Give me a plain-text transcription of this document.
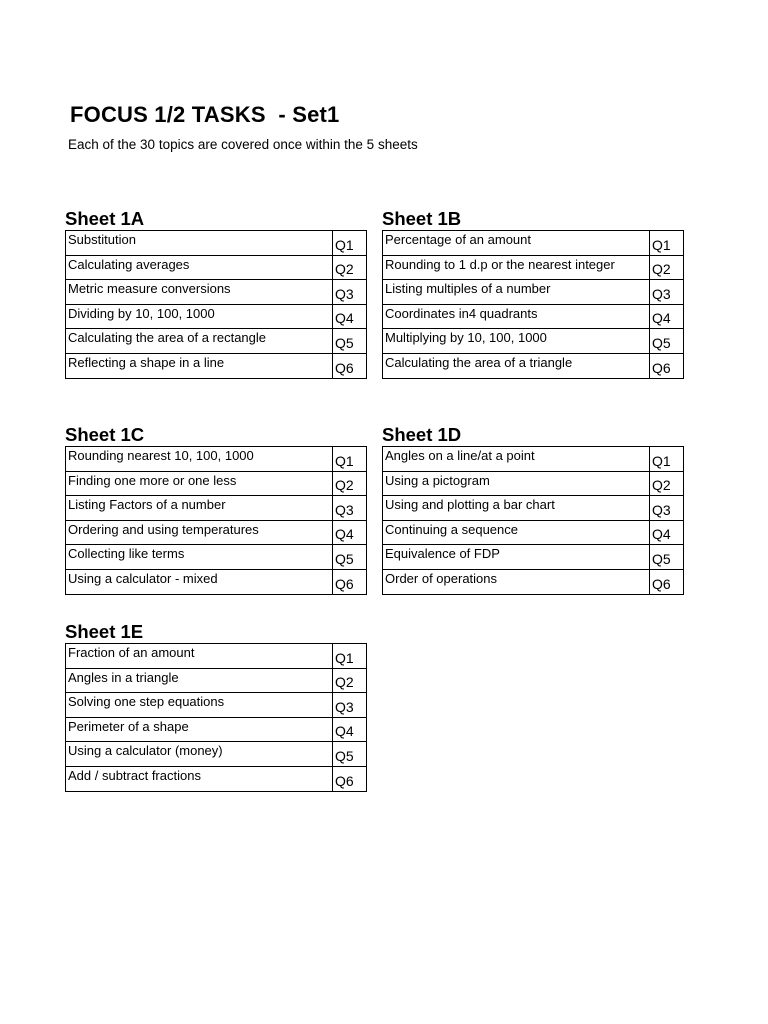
FOCUS 1/2 TASKS  - Set1
Each of the 30 topics are covered once within the 5 sheets
Sheet 1A
Substitution	Q1
Calculating averages	Q2
Metric measure conversions	Q3
Dividing by 10, 100, 1000	Q4
Calculating the area of a rectangle	Q5
Reflecting a shape in a line	Q6
Sheet 1B
Percentage of an amount	Q1
Rounding to 1 d.p or the nearest integer	Q2
Listing multiples of a number	Q3
Coordinates in4 quadrants	Q4
Multiplying by 10, 100, 1000	Q5
Calculating the area of a triangle	Q6
Sheet 1C
Rounding nearest 10, 100, 1000	Q1
Finding one more or one less	Q2
Listing Factors of a number	Q3
Ordering and using temperatures	Q4
Collecting like terms	Q5
Using a calculator - mixed	Q6
Sheet 1D
Angles on a line/at a point	Q1
Using a pictogram	Q2
Using and plotting a bar chart	Q3
Continuing a sequence	Q4
Equivalence of FDP	Q5
Order of operations	Q6
Sheet 1E
Fraction of an amount	Q1
Angles in a triangle	Q2
Solving one step equations	Q3
Perimeter of a shape	Q4
Using a calculator (money)	Q5
Add / subtract fractions	Q6
